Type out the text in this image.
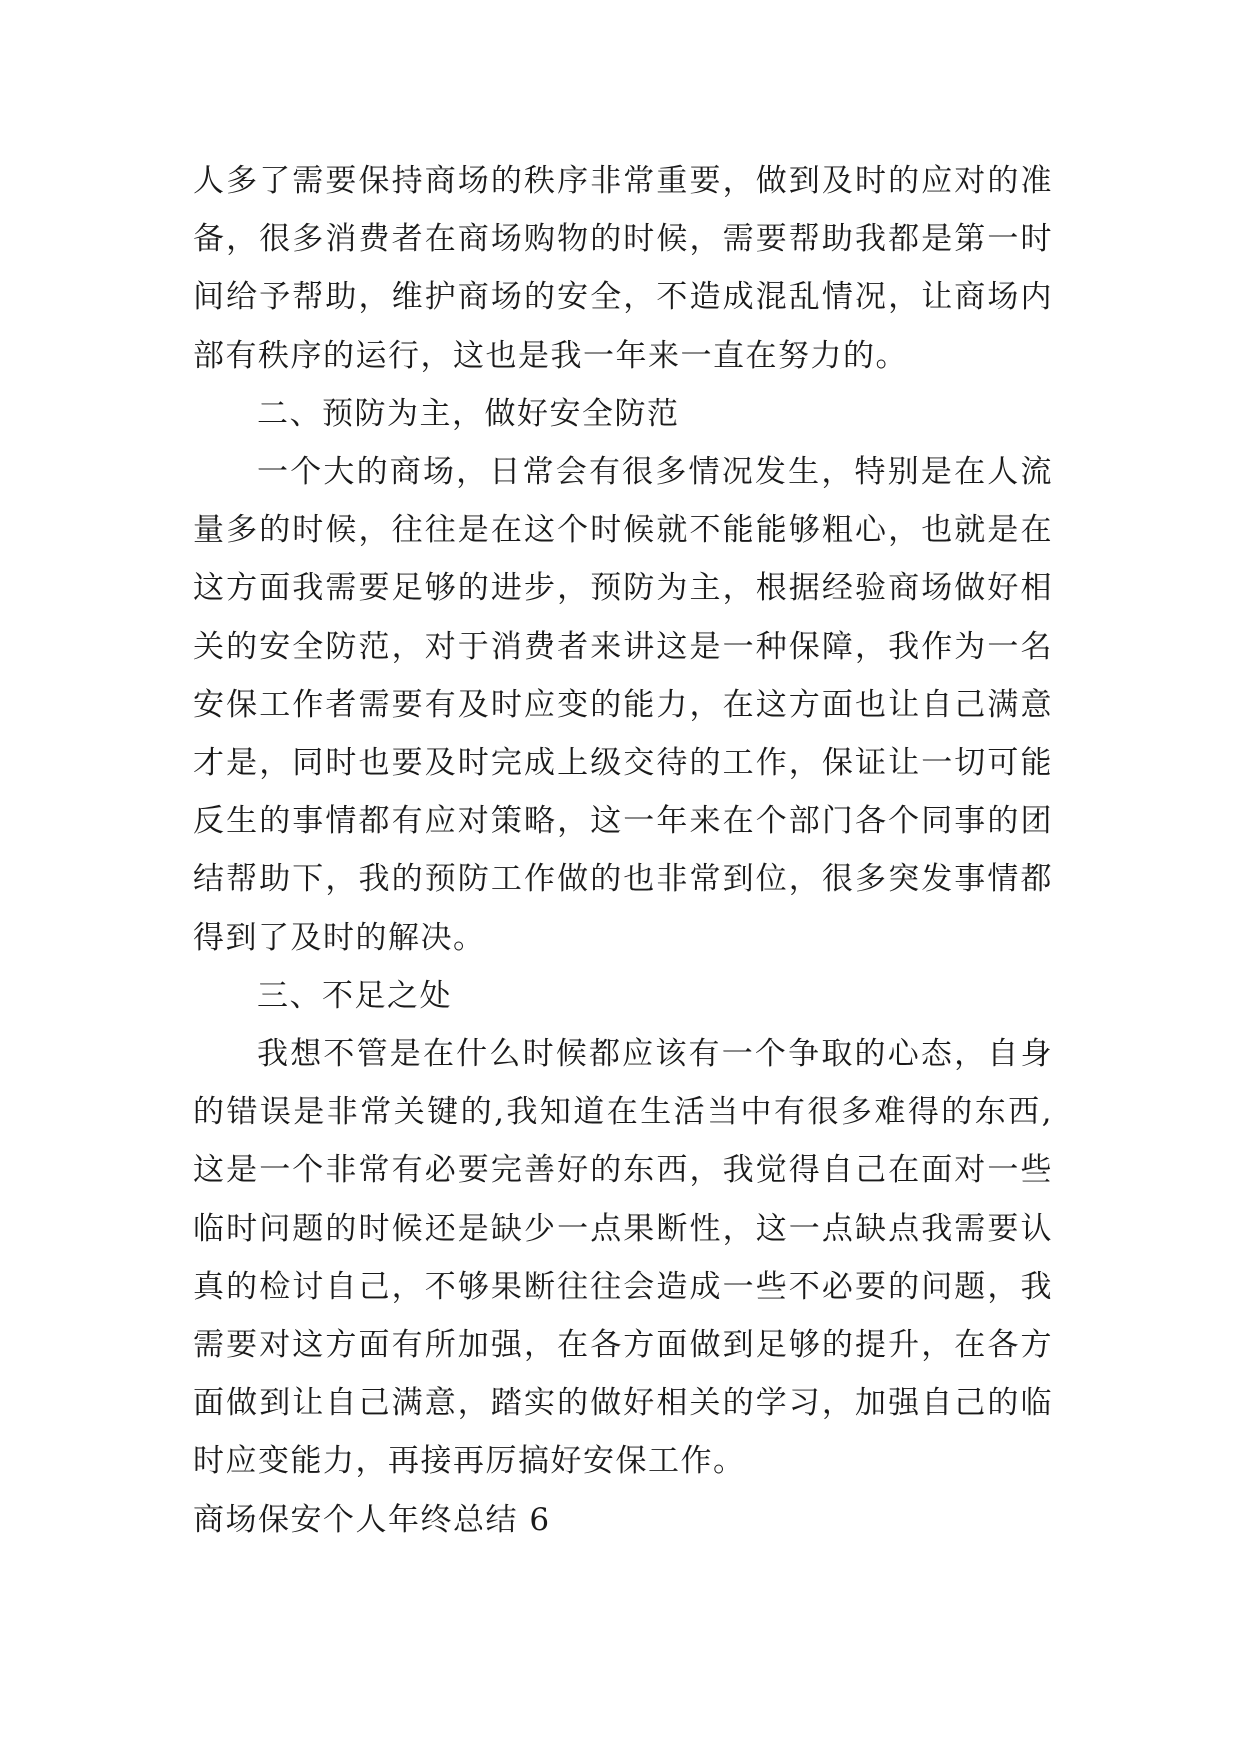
人多了需要保持商场的秩序非常重要，做到及时的应对的准备，很多消费者在商场购物的时候，需要帮助我都是第一时间给予帮助，维护商场的安全，不造成混乱情况，让商场内部有秩序的运行，这也是我一年来一直在努力的。

二、预防为主，做好安全防范

一个大的商场，日常会有很多情况发生，特别是在人流量多的时候，往往是在这个时候就不能能够粗心，也就是在这方面我需要足够的进步，预防为主，根据经验商场做好相关的安全防范，对于消费者来讲这是一种保障，我作为一名安保工作者需要有及时应变的能力，在这方面也让自己满意才是，同时也要及时完成上级交待的工作，保证让一切可能反生的事情都有应对策略，这一年来在个部门各个同事的团结帮助下，我的预防工作做的也非常到位，很多突发事情都得到了及时的解决。

三、不足之处

我想不管是在什么时候都应该有一个争取的心态，自身的错误是非常关键的,我知道在生活当中有很多难得的东西,这是一个非常有必要完善好的东西，我觉得自己在面对一些临时问题的时候还是缺少一点果断性，这一点缺点我需要认真的检讨自己，不够果断往往会造成一些不必要的问题，我需要对这方面有所加强，在各方面做到足够的提升，在各方面做到让自己满意，踏实的做好相关的学习，加强自己的临时应变能力，再接再厉搞好安保工作。

商场保安个人年终总结 6
